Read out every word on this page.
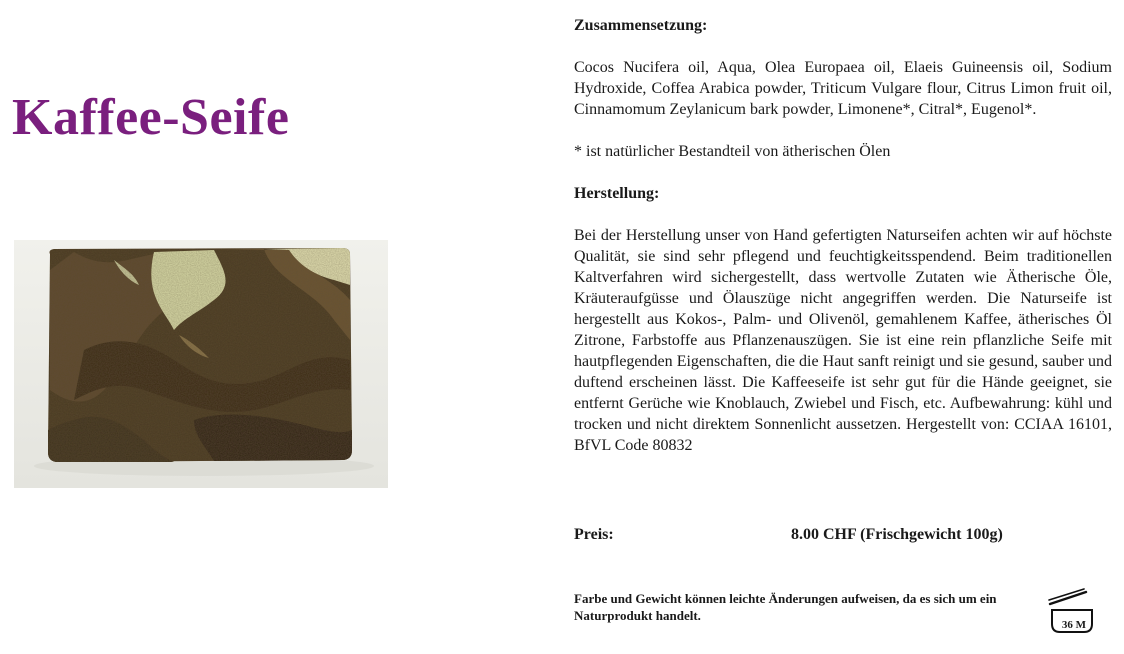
Kaffee-Seife

Zusammensetzung:

Cocos Nucifera oil, Aqua, Olea Europaea oil, Elaeis Guineensis oil, Sodium Hydroxide, Coffea Arabica powder, Triticum Vulgare flour, Citrus Limon fruit oil, Cinnamomum Zeylanicum bark powder, Limonene*, Citral*, Eugenol*.

* ist natürlicher Bestandteil von ätherischen Ölen

Herstellung:

Bei der Herstellung unser von Hand gefertigten Naturseifen achten wir auf höchste Qualität, sie sind sehr pflegend und feuchtigkeitsspendend. Beim traditionellen Kaltverfahren wird sichergestellt, dass wertvolle Zutaten wie Ätherische Öle, Kräuteraufgüsse und Ölauszüge nicht angegriffen werden. Die Naturseife ist hergestellt aus Kokos-, Palm- und Olivenöl, gemahlenem Kaffee, ätherisches Öl Zitrone, Farbstoffe aus Pflanzenauszügen. Sie ist eine rein pflanzliche Seife mit hautpflegenden Eigenschaften, die die Haut sanft reinigt und sie gesund, sauber und duftend erscheinen lässt. Die Kaffeeseife ist sehr gut für die Hände geeignet, sie entfernt Gerüche wie Knoblauch, Zwiebel und Fisch, etc. Aufbewahrung: kühl und trocken und nicht direktem Sonnenlicht aussetzen. Hergestellt von: CCIAA 16101, BfVL Code 80832

Preis:	8.00 CHF (Frischgewicht 100g)

Farbe und Gewicht können leichte Änderungen aufweisen, da es sich um ein Naturprodukt handelt.

36 M
